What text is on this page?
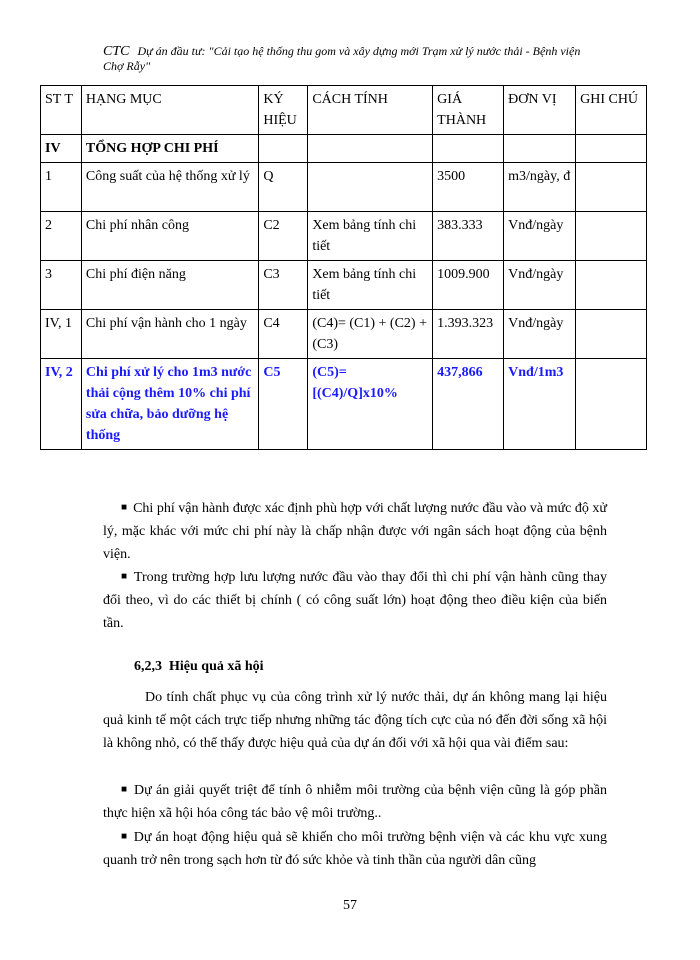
CTC Dự án đầu tư: "Cải tạo hệ thống thu gom và xây dựng mới Trạm xử lý nước thải - Bệnh viện Chợ Rẫy"
ST T	HẠNG MỤC	KÝ HIỆU	CÁCH TÍNH	GIÁ THÀNH	ĐƠN VỊ	GHI CHÚ
IV	TỔNG HỢP CHI PHÍ					
1	Công suất của hệ thống xử lý	Q		3500	m3/ngày, đ	
2	Chi phí nhân công	C2	Xem bảng tính chi tiết	383.333	Vnđ/ngày	
3	Chi phí điện năng	C3	Xem bảng tính chi tiết	1009.900	Vnđ/ngày	
IV, 1	Chi phí vận hành cho 1 ngày	C4	(C4)= (C1) + (C2) + (C3)	1.393.323	Vnđ/ngày	
IV, 2	Chi phí xử lý cho 1m3 nước thải cộng thêm 10% chi phí sửa chữa, bảo dưỡng hệ thống	C5	(C5)= [(C4)/Q]x10%	437,866	Vnđ/1m3	
■ Chi phí vận hành được xác định phù hợp với chất lượng nước đầu vào và mức độ xử lý, mặc khác với mức chi phí này là chấp nhận được với ngân sách hoạt động của bệnh viện.
■ Trong trường hợp lưu lượng nước đầu vào thay đổi thì chi phí vận hành cũng thay đổi theo, vì do các thiết bị chính ( có công suất lớn) hoạt động theo điều kiện của biến tần.
6,2,3 Hiệu quả xã hội
Do tính chất phục vụ của công trình xử lý nước thải, dự án không mang lại hiệu quả kinh tế một cách trực tiếp nhưng những tác động tích cực của nó đến đời sống xã hội là không nhỏ, có thể thấy được hiệu quả của dự án đối với xã hội qua vài điểm sau:
■ Dự án giải quyết triệt để tính ô nhiễm môi trường của bệnh viện cũng là góp phần thực hiện xã hội hóa công tác bảo vệ môi trường..
■ Dự án hoạt động hiệu quả sẽ khiến cho môi trường bệnh viện và các khu vực xung quanh trở nên trong sạch hơn từ đó sức khỏe và tinh thần của người dân cũng
57
